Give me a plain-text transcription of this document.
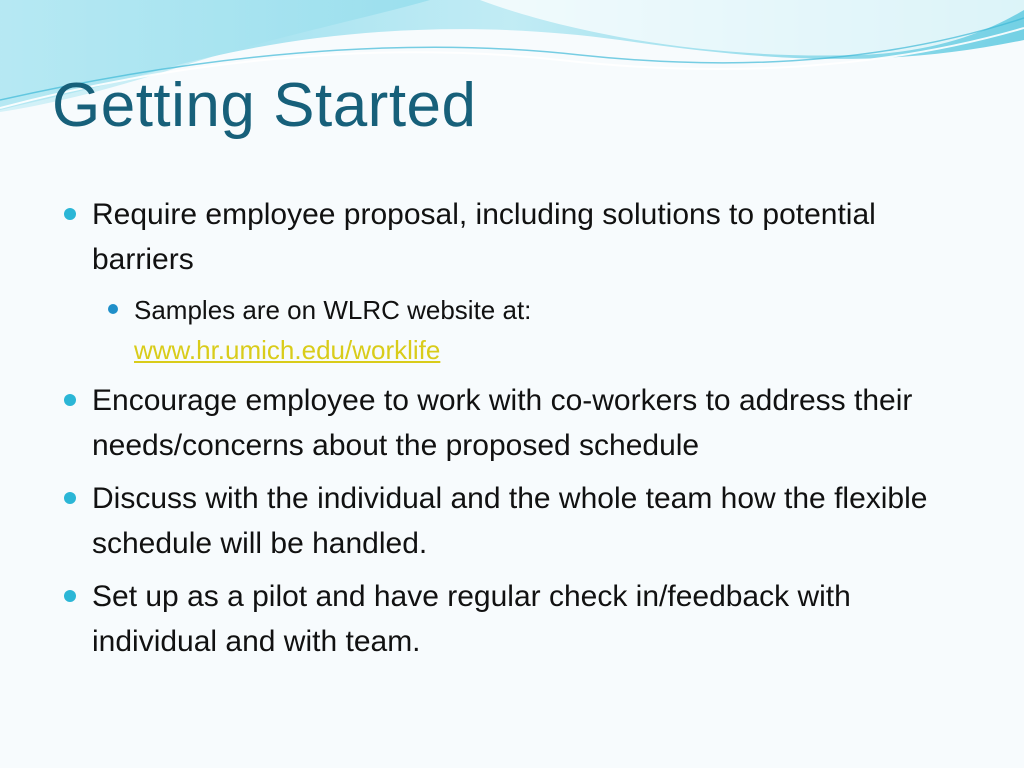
Getting Started
Require employee proposal, including solutions to potential barriers
Samples are on WLRC website at:
www.hr.umich.edu/worklife
Encourage employee to work with co-workers to address their needs/concerns about the proposed schedule
Discuss with the individual and the whole team how the flexible schedule will be handled.
Set up as a pilot and have regular check in/feedback with individual and with team.
